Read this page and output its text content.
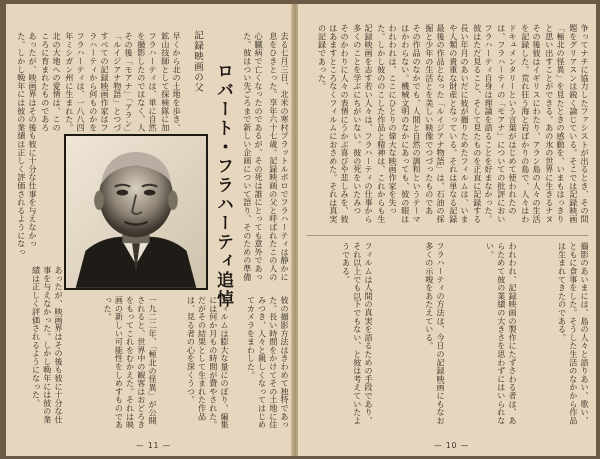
去る七月三日、北米の寒村ブラットルボロでフラハーティは静かに息をひきとった。享年六十七歳。記録映画の父と呼ばれたこの人の
心臓病で亡くなったのであるが、その死は誰にとっても意外であった。彼はつい先ごろまで新しい企画について語り、そのための準備
ロバート・フラハーティ追悼
記録映画の父
早くから北の土地を歩き、鉱山技師として探検隊に加
フラハーティは、単に自然を撮影したのではなく、人
その後「モアナ」「アラン」「ルイジアナ物語」とつづ
すべての記録映画作家はフラハーティから何ものかを
フラハーティは、一八八四年ミシガン州に生まれた。
北の大地への愛情は、このころに育まれたものであろ
あったが、映画界はその後も彼に十分な仕事を与えなかった。しかし晩年には彼の業績は正しく評価されるようになっ
彼の撮影方法はきわめて独特であった。長い時間をかけてその土地に住みつき、人々と親しくなってはじめてカメラをまわした。
フィルムは膨大な量にのぼり、編集には何か月もの時間が費やされた。だがその結果として生まれた作品は、見る者の心を深くうつ。
一九二二年、「極北の怪異」が公開されると、世界中の観客はおどろきをもってこれをむかえた。それは映画の新しい可能性をしめすものであった。
あったが、映画界はその後も彼に十分な仕事を与えなかった。しかし晩年には彼の業績は正しく評価されるようになった。
— 11 —
争ってナチに協力したファシストが出るとき、その問題をグリアスンは鋭く論じている。そこでは記録映画
「極北の怪異」を見たときの感動を、いまもはっきりと思い出すことができる。あの氷の世界に生きるナヌ
その後彼はイギリスにわたり、アラン島の人々の生活を記録した。荒れ狂う海と岩ばかりの島で、人々はわ
ドキュメンタリーという言葉がはじめて使われたのは、フラハーティの「モアナ」についての批評におい
フラハーティ自身は理論を語ることを好まなかった。彼はただ見ること、そして見たものを正直に記録する
長い年月のあいだに彼が撮りためたフィルムは、いまや人類の貴重な財産となっている。それは単なる記録
最後の作品となった「ルイジアナ物語」は、石油の採掘と少年の生活とを美しい映像でつづったものであ
その作品のなかでも、人間と自然の調和というテーマはかわらない。機械文明のなかにあっても、彼の眼は
われわれは、ここにひとりの偉大な映画作家を失った。しかし彼ののこした作品と精神は、これからも生
記録映画を志す若い人々は、フラハーティの仕事から多くのことを学ぶにちがいない。彼の死をいたみつ
そのかわりに人々の表情にうかぶ喜びや悲しみを、彼はあますところなくフィルムにおさめた。それは真実の記録であった。
撮影のあいまには、島の人々と語りあい、歌い、ともに食事をした。そうした生活のなかから作品は生まれてきたのである。
われわれ、記録映画の製作にたずさわる者は、あらためて彼の業績の大きさを思わずにはいられない。
フラハーティの方法は、今日の記録映画にもなお多くの示唆をあたえている。
フィルムは人間の真実を語るための手段であり、それ以上でも以下でもない、と彼は考えていたようである。
— 10 —
